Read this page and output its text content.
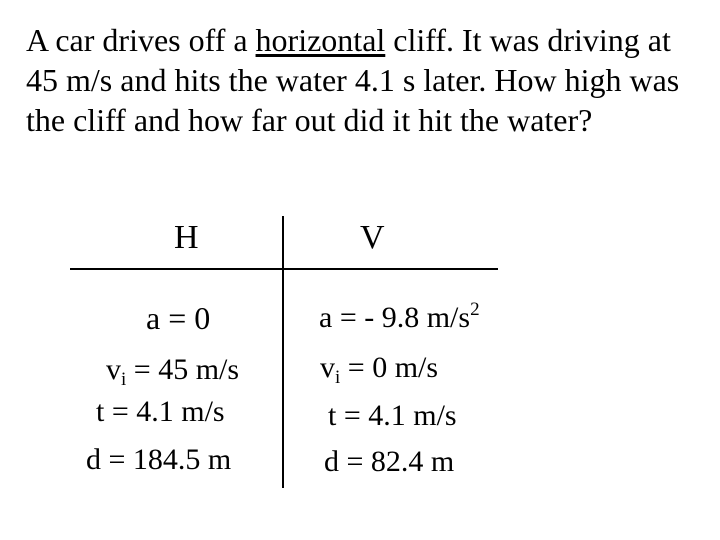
A car drives off a horizontal cliff. It was driving at 45 m/s and hits the water 4.1 s later. How high was the cliff and how far out did it hit the water?

H	V
a = 0
$v_i = 45$ m/s
t = 4.1 m/s
d = 184.5 m
a = - 9.8 $m/s^2$
$v_i = 0$ m/s
t = 4.1 m/s
d = 82.4 m
